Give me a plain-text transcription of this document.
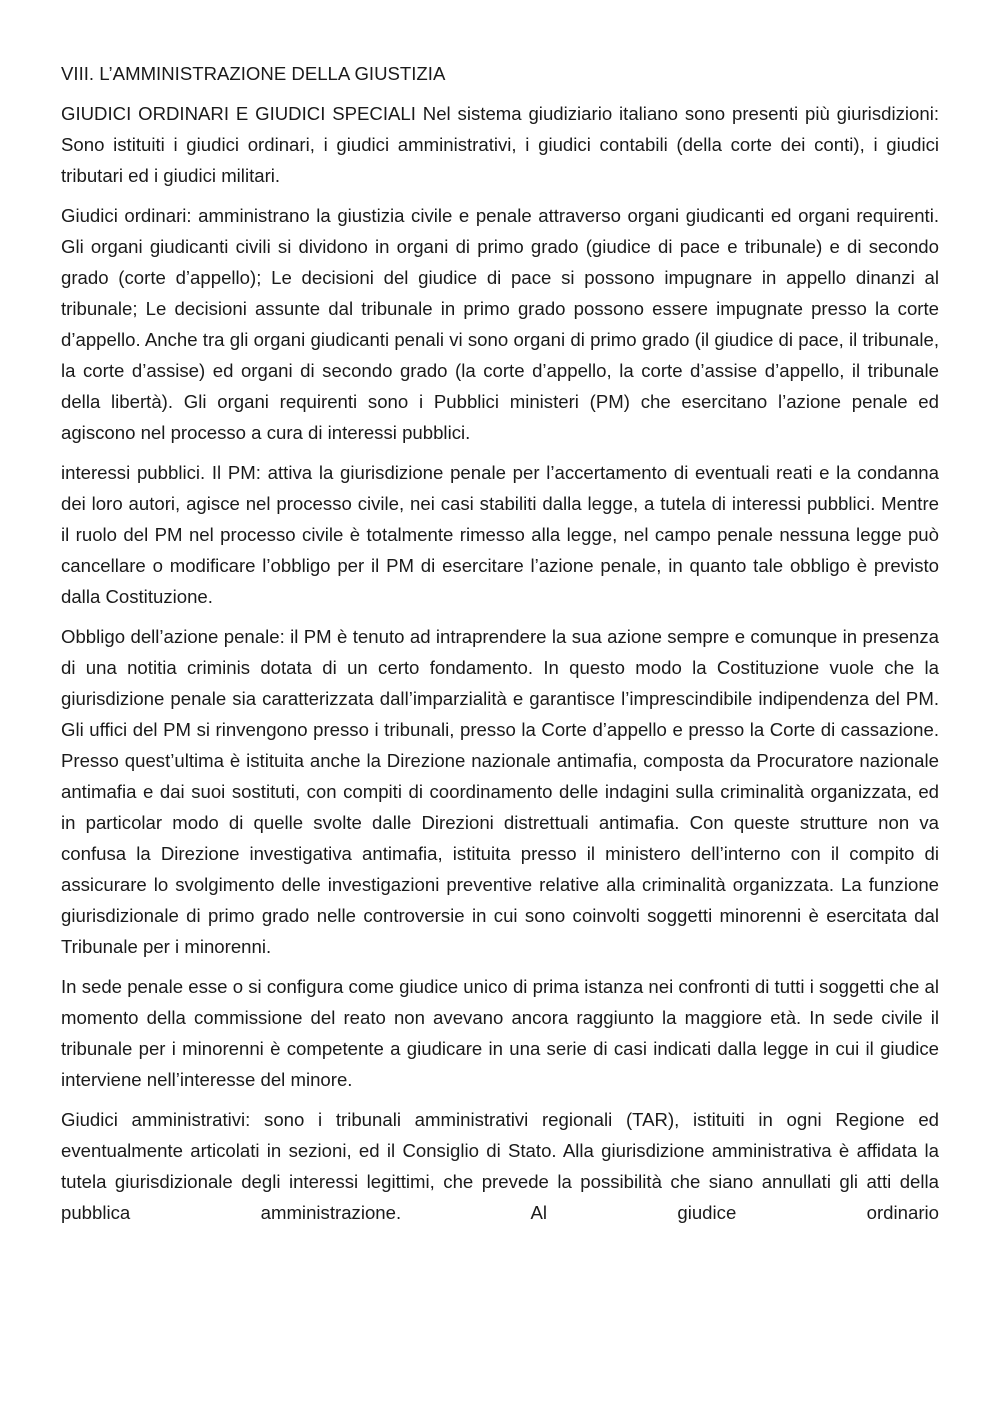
VIII. L’AMMINISTRAZIONE DELLA GIUSTIZIA

GIUDICI ORDINARI E GIUDICI SPECIALI Nel sistema giudiziario italiano sono presenti più giurisdizioni: Sono istituiti i giudici ordinari, i giudici amministrativi, i giudici contabili (della corte dei conti), i giudici tributari ed i giudici militari.

Giudici ordinari: amministrano la giustizia civile e penale attraverso organi giudicanti ed organi requirenti. Gli organi giudicanti civili si dividono in organi di primo grado (giudice di pace e tribunale) e di secondo grado (corte d’appello); Le decisioni del giudice di pace si possono impugnare in appello dinanzi al tribunale; Le decisioni assunte dal tribunale in primo grado possono essere impugnate presso la corte d’appello. Anche tra gli organi giudicanti penali vi sono organi di primo grado (il giudice di pace, il tribunale, la corte d’assise) ed organi di secondo grado (la corte d’appello, la corte d’assise d’appello, il tribunale della libertà). Gli organi requirenti sono i Pubblici ministeri (PM) che esercitano l’azione penale ed agiscono nel processo a cura di interessi pubblici.

interessi pubblici. Il PM: attiva la giurisdizione penale per l’accertamento di eventuali reati e la condanna dei loro autori, agisce nel processo civile, nei casi stabiliti dalla legge, a tutela di interessi pubblici. Mentre il ruolo del PM nel processo civile è totalmente rimesso alla legge, nel campo penale nessuna legge può cancellare o modificare l’obbligo per il PM di esercitare l’azione penale, in quanto tale obbligo è previsto dalla Costituzione.

Obbligo dell’azione penale: il PM è tenuto ad intraprendere la sua azione sempre e comunque in presenza di una notitia criminis dotata di un certo fondamento. In questo modo la Costituzione vuole che la giurisdizione penale sia caratterizzata dall’imparzialità e garantisce l’imprescindibile indipendenza del PM. Gli uffici del PM si rinvengono presso i tribunali, presso la Corte d’appello e presso la Corte di cassazione. Presso quest’ultima è istituita anche la Direzione nazionale antimafia, composta da Procuratore nazionale antimafia e dai suoi sostituti, con compiti di coordinamento delle indagini sulla criminalità organizzata, ed in particolar modo di quelle svolte dalle Direzioni distrettuali antimafia. Con queste strutture non va confusa la Direzione investigativa antimafia, istituita presso il ministero dell’interno con il compito di assicurare lo svolgimento delle investigazioni preventive relative alla criminalità organizzata. La funzione giurisdizionale di primo grado nelle controversie in cui sono coinvolti soggetti minorenni è esercitata dal Tribunale per i minorenni.

In sede penale esse o si configura come giudice unico di prima istanza nei confronti di tutti i soggetti che al momento della commissione del reato non avevano ancora raggiunto la maggiore età. In sede civile il tribunale per i minorenni è competente a giudicare in una serie di casi indicati dalla legge in cui il giudice interviene nell’interesse del minore.

Giudici amministrativi: sono i tribunali amministrativi regionali (TAR), istituiti in ogni Regione ed eventualmente articolati in sezioni, ed il Consiglio di Stato. Alla giurisdizione amministrativa è affidata la tutela giurisdizionale degli interessi legittimi, che prevede la possibilità che siano annullati gli atti della pubblica amministrazione. Al giudice ordinario
